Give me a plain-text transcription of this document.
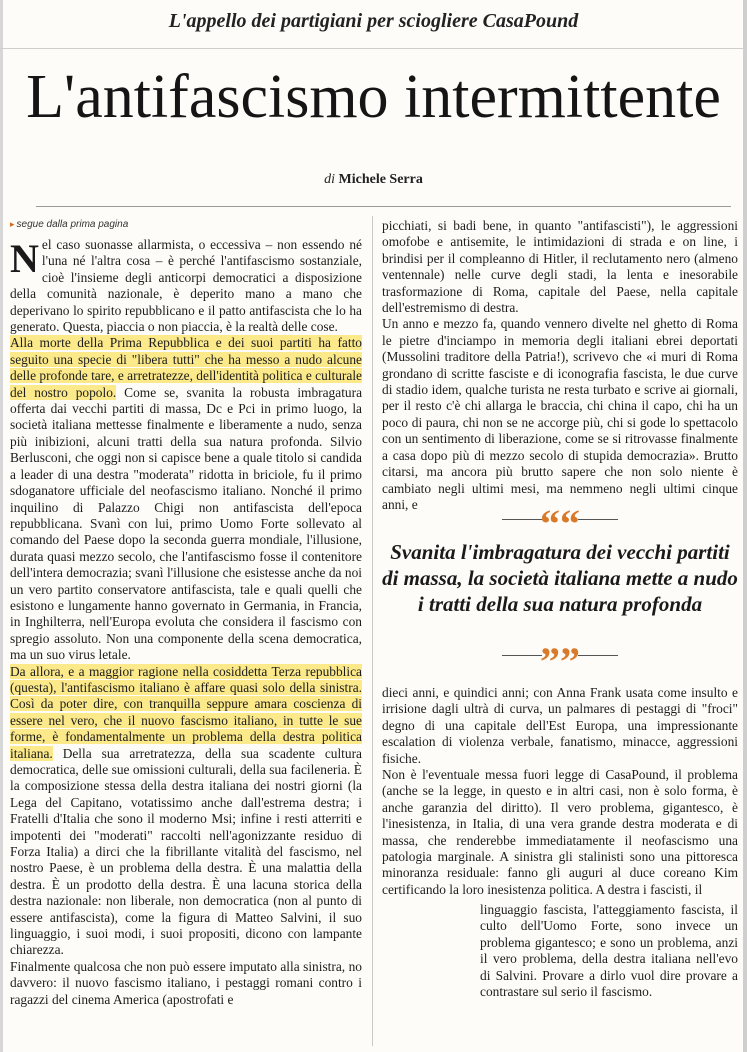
L'appello dei partigiani per sciogliere CasaPound
L'antifascismo intermittente
di Michele Serra

▸ segue dalla prima pagina

Nel caso suonasse allarmista, o eccessiva – non essendo né l'una né l'altra cosa – è perché l'antifascismo sostanziale, cioè l'insieme degli anticorpi democratici a disposizione della comunità nazionale, è deperito mano a mano che deperivano lo spirito repubblicano e il patto antifascista che lo ha generato. Questa, piaccia o non piaccia, è la realtà delle cose.

Alla morte della Prima Repubblica e dei suoi partiti ha fatto seguito una specie di "libera tutti" che ha messo a nudo alcune delle profonde tare, e arretratezze, dell'identità politica e culturale del nostro popolo. Come se, svanita la robusta imbragatura offerta dai vecchi partiti di massa, Dc e Pci in primo luogo, la società italiana mettesse finalmente e liberamente a nudo, senza più inibizioni, alcuni tratti della sua natura profonda. Silvio Berlusconi, che oggi non si capisce bene a quale titolo si candida a leader di una destra "moderata" ridotta in briciole, fu il primo sdoganatore ufficiale del neofascismo italiano. Nonché il primo inquilino di Palazzo Chigi non antifascista dell'epoca repubblicana. Svanì con lui, primo Uomo Forte sollevato al comando del Paese dopo la seconda guerra mondiale, l'illusione, durata quasi mezzo secolo, che l'antifascismo fosse il contenitore dell'intera democrazia; svanì l'illusione che esistesse anche da noi un vero partito conservatore antifascista, tale e quali quelli che esistono e lungamente hanno governato in Germania, in Francia, in Inghilterra, nell'Europa evoluta che considera il fascismo con spregio assoluto. Non una componente della scena democratica, ma un suo virus letale.

Da allora, e a maggior ragione nella cosiddetta Terza repubblica (questa), l'antifascismo italiano è affare quasi solo della sinistra. Così da poter dire, con tranquilla seppure amara coscienza di essere nel vero, che il nuovo fascismo italiano, in tutte le sue forme, è fondamentalmente un problema della destra politica italiana. Della sua arretratezza, della sua scadente cultura democratica, delle sue omissioni culturali, della sua facileneria. È la composizione stessa della destra italiana dei nostri giorni (la Lega del Capitano, votatissimo anche dall'estrema destra; i Fratelli d'Italia che sono il moderno Msi; infine i resti atterriti e impotenti dei "moderati" raccolti nell'agonizzante residuo di Forza Italia) a dirci che la fibrillante vitalità del fascismo, nel nostro Paese, è un problema della destra. È una malattia della destra. È un prodotto della destra. È una lacuna storica della destra nazionale: non liberale, non democratica (non al punto di essere antifascista), come la figura di Matteo Salvini, il suo linguaggio, i suoi modi, i suoi propositi, dicono con lampante chiarezza.

Finalmente qualcosa che non può essere imputato alla sinistra, no davvero: il nuovo fascismo italiano, i pestaggi romani contro i ragazzi del cinema America (apostrofati e

picchiati, si badi bene, in quanto "antifascisti"), le aggressioni omofobe e antisemite, le intimidazioni di strada e on line, i brindisi per il compleanno di Hitler, il reclutamento nero (almeno ventennale) nelle curve degli stadi, la lenta e inesorabile trasformazione di Roma, capitale del Paese, nella capitale dell'estremismo di destra.

Un anno e mezzo fa, quando vennero divelte nel ghetto di Roma le pietre d'inciampo in memoria degli italiani ebrei deportati (Mussolini traditore della Patria!), scrivevo che «i muri di Roma grondano di scritte fasciste e di iconografia fascista, le due curve di stadio idem, qualche turista ne resta turbato e scrive ai giornali, per il resto c'è chi allarga le braccia, chi china il capo, chi ha un poco di paura, chi non se ne accorge più, chi si gode lo spettacolo con un sentimento di liberazione, come se si ritrovasse finalmente a casa dopo più di mezzo secolo di stupida democrazia». Brutto citarsi, ma ancora più brutto sapere che non solo niente è cambiato negli ultimi mesi, ma nemmeno negli ultimi cinque anni, e	““
Svanita l'imbragatura dei vecchi partiti di massa, la società italiana mette a nudo i tratti della sua natura profonda
””

dieci anni, e quindici anni; con Anna Frank usata come insulto e irrisione dagli ultrà di curva, un palmares di pestaggi di "froci" degno di una capitale dell'Est Europa, una impressionante escalation di violenza verbale, fanatismo, minacce, aggressioni fisiche.

Non è l'eventuale messa fuori legge di CasaPound, il problema (anche se la legge, in questo e in altri casi, non è solo forma, è anche garanzia del diritto). Il vero problema, gigantesco, è l'inesistenza, in Italia, di una vera grande destra moderata e di massa, che renderebbe immediatamente il neofascismo una patologia marginale. A sinistra gli stalinisti sono una pittoresca minoranza residuale: fanno gli auguri al duce coreano Kim certificando la loro inesistenza politica. A destra i fascisti, il

linguaggio fascista, l'atteggiamento fascista, il culto dell'Uomo Forte, sono invece un problema gigantesco; e sono un problema, anzi il vero problema, della destra italiana nell'evo di Salvini. Provare a dirlo vuol dire provare a contrastare sul serio il fascismo.
